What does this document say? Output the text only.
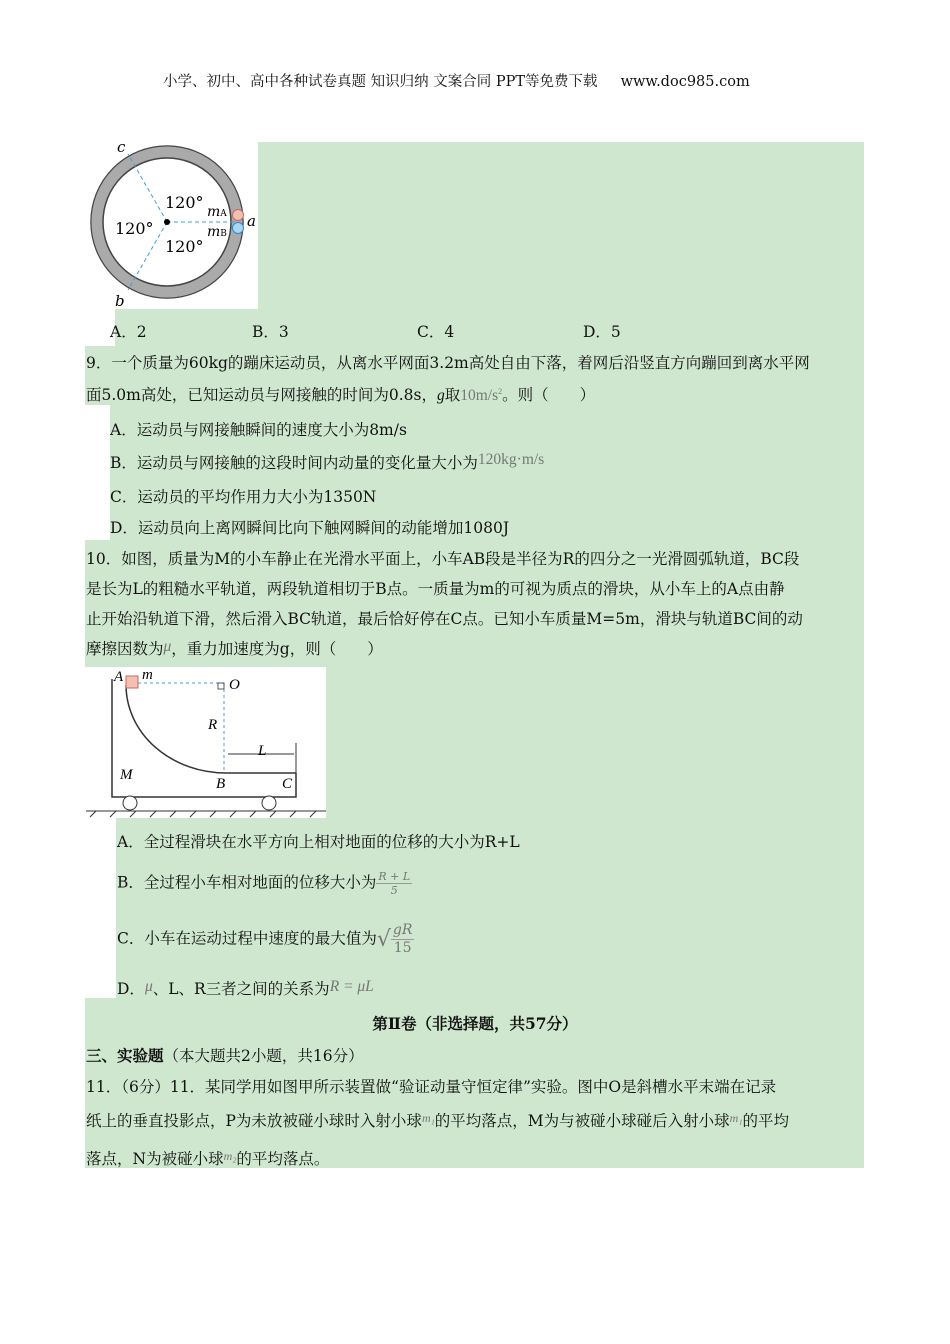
小学、初中、高中各种试卷真题 知识归纳 文案合同 PPT等免费下载 www.doc985.com
c
b
a
120°
120°
120°
mA
mB
A．2	B．3	C．4	D．5
9．一个质量为60kg的蹦床运动员，从离水平网面3.2m高处自由下落，着网后沿竖直方向蹦回到离水平网
面5.0m高处，已知运动员与网接触的时间为0.8s，g取$10m/s^2$。则（　　）
A．运动员与网接触瞬间的速度大小为8m/s
B．运动员与网接触的这段时间内动量的变化量大小为120kg·m/s
C．运动员的平均作用力大小为1350N
D．运动员向上离网瞬间比向下触网瞬间的动能增加1080J
10．如图，质量为M的小车静止在光滑水平面上，小车AB段是半径为R的四分之一光滑圆弧轨道，BC段
是长为L的粗糙水平轨道，两段轨道相切于B点。一质量为m的可视为质点的滑块，从小车上的A点由静
止开始沿轨道下滑，然后滑入BC轨道，最后恰好停在C点。已知小车质量M=5m，滑块与轨道BC间的动
摩擦因数为μ，重力加速度为g，则（　　）
A m
O
R
L
M
B	C
A．全过程滑块在水平方向上相对地面的位移的大小为R+L
B．全过程小车相对地面的位移大小为 $\frac{R + L}{5}$
C．小车在运动过程中速度的最大值为√ $\frac{gR}{15}$
D．μ、L、R三者之间的关系为R = μL
第Ⅱ卷（非选择题，共57分）
三、实验题（本大题共2小题，共16分）
11．（6分）11．某同学用如图甲所示装置做“验证动量守恒定律”实验。图中O是斜槽水平末端在记录
纸上的垂直投影点，P为未放被碰小球时入射小球$^{m_1}$的平均落点，M为与被碰小球碰后入射小球$^{m_1}$的平均
落点，N为被碰小球$^{m_2}$的平均落点。
